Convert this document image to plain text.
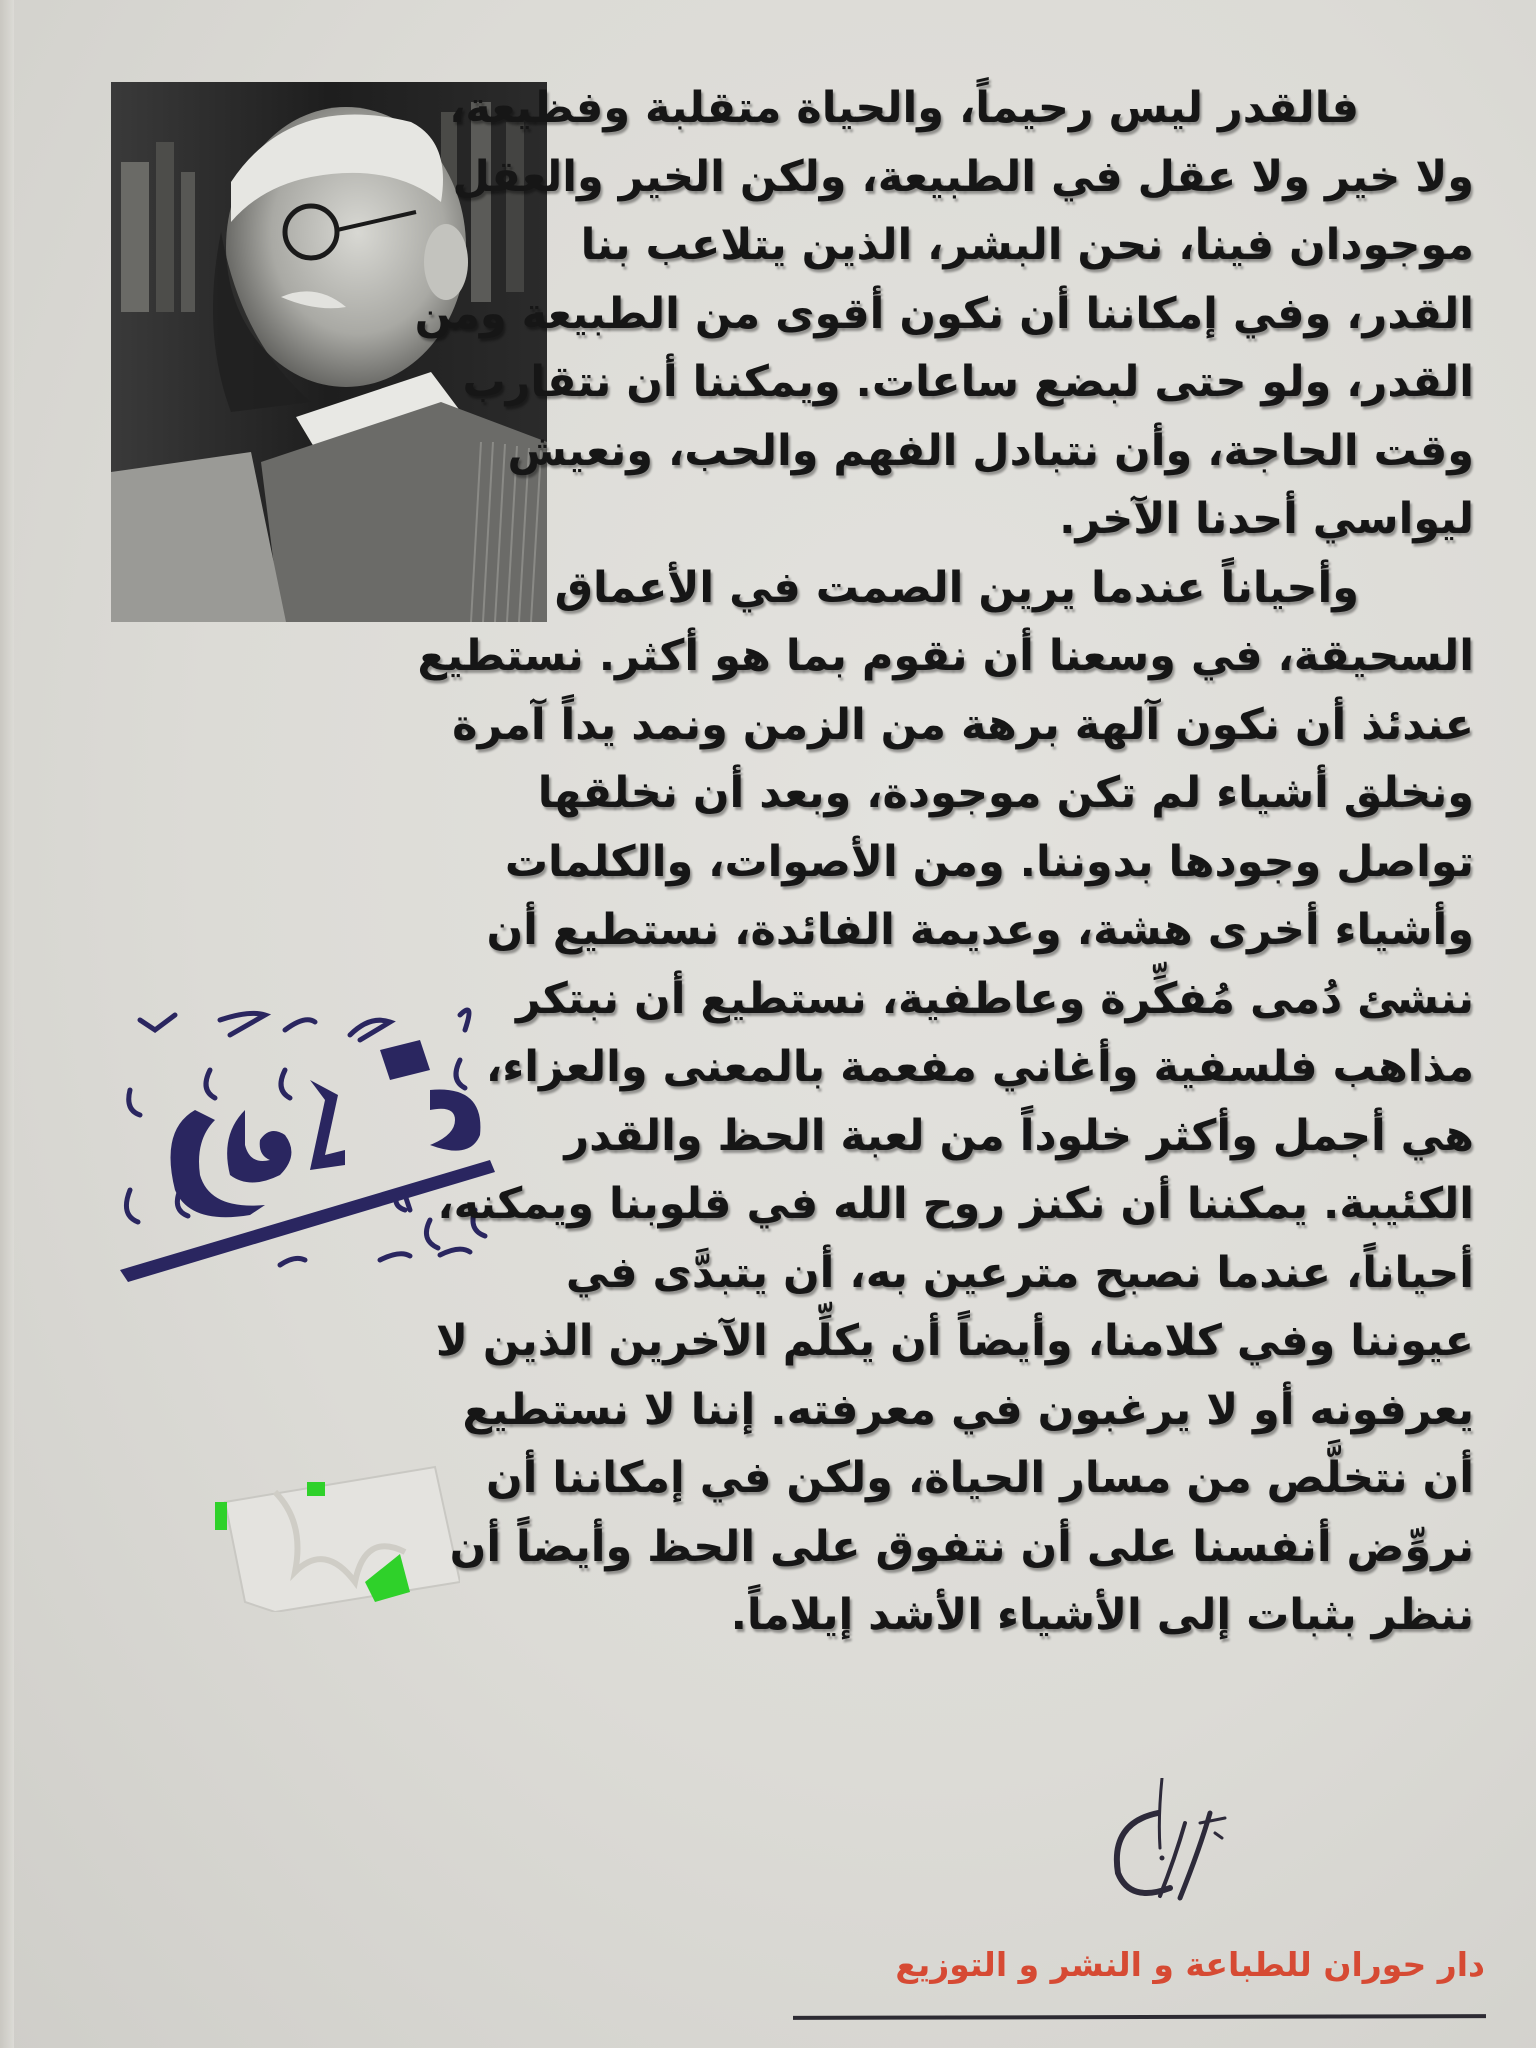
فالقدر ليس رحيماً، والحياة متقلبة وفظيعة،
ولا خير ولا عقل في الطبيعة، ولكن الخير والعقل
موجودان فينا، نحن البشر، الذين يتلاعب بنا
القدر، وفي إمكاننا أن نكون أقوى من الطبيعة ومن
القدر، ولو حتى لبضع ساعات. ويمكننا أن نتقارب
وقت الحاجة، وأن نتبادل الفهم والحب، ونعيش
ليواسي أحدنا الآخر.
وأحياناً عندما يرين الصمت في الأعماق
السحيقة، في وسعنا أن نقوم بما هو أكثر. نستطيع
عندئذ أن نكون آلهة برهة من الزمن ونمد يداً آمرة
ونخلق أشياء لم تكن موجودة، وبعد أن نخلقها
تواصل وجودها بدوننا. ومن الأصوات، والكلمات
وأشياء أخرى هشة، وعديمة الفائدة، نستطيع أن
ننشئ دُمى مُفكِّرة وعاطفية، نستطيع أن نبتكر
مذاهب فلسفية وأغاني مفعمة بالمعنى والعزاء،
هي أجمل وأكثر خلوداً من لعبة الحظ والقدر
الكئيبة. يمكننا أن نكنز روح الله في قلوبنا ويمكنه،
أحياناً، عندما نصبح مترعين به، أن يتبدَّى في
عيوننا وفي كلامنا، وأيضاً أن يكلِّم الآخرين الذين لا
يعرفونه أو لا يرغبون في معرفته. إننا لا نستطيع
أن نتخلَّص من مسار الحياة، ولكن في إمكاننا أن
نروِّض أنفسنا على أن نتفوق على الحظ وأيضاً أن
ننظر بثبات إلى الأشياء الأشد إيلاماً.
دار حوران للطباعة و النشر و التوزيع
